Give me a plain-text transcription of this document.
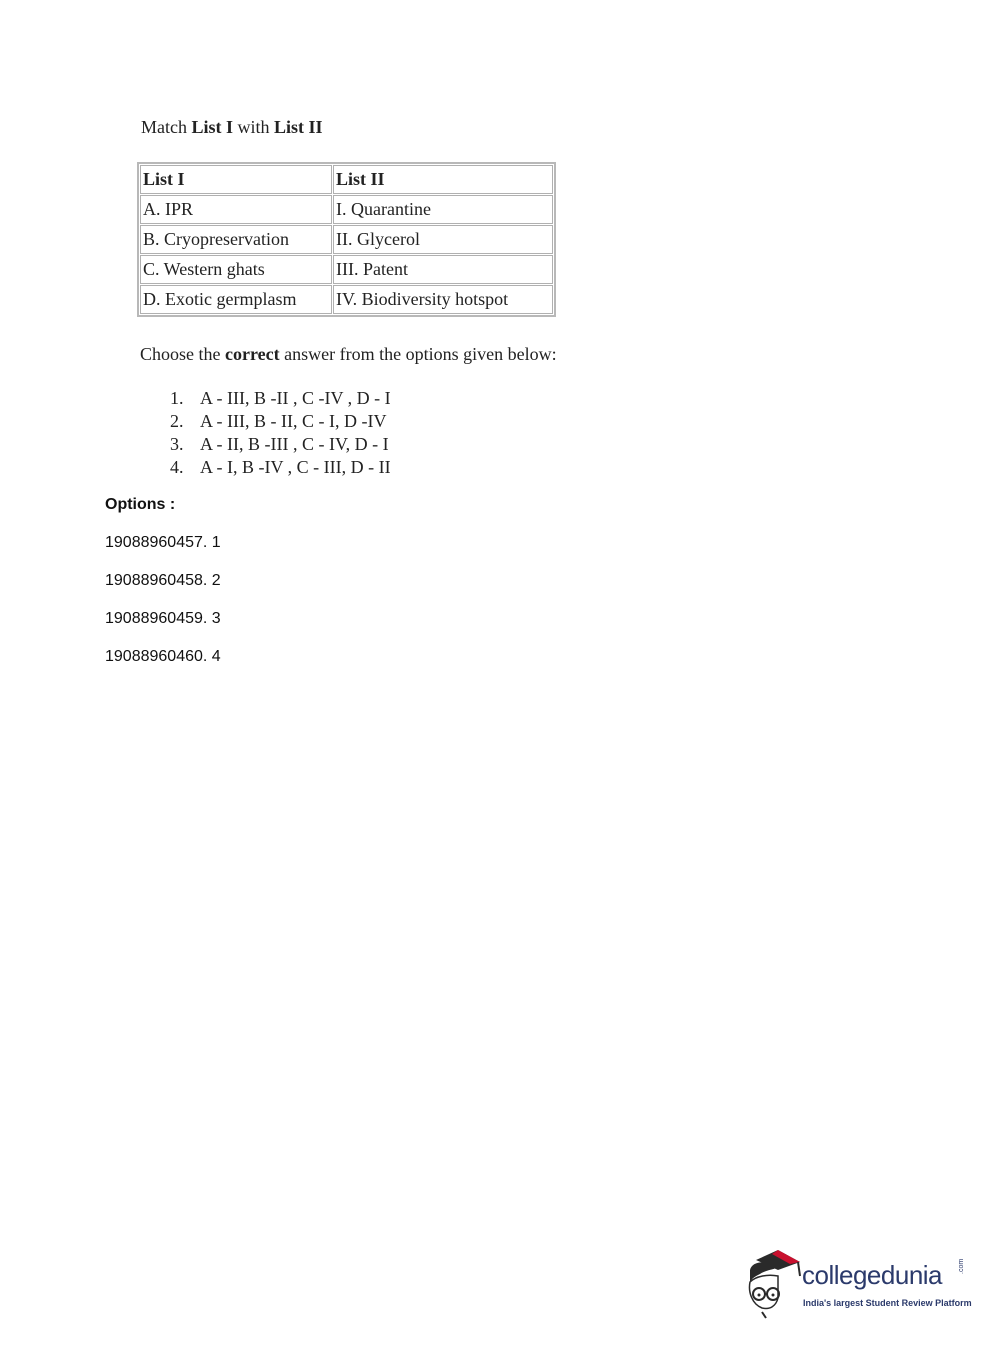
Match List I with List II
List I	List II
A. IPR	I. Quarantine
B. Cryopreservation	II. Glycerol
C. Western ghats	III. Patent
D. Exotic germplasm	IV. Biodiversity hotspot
Choose the correct answer from the options given below:
1. A - III, B -II , C -IV , D - I
2. A - III, B - II, C - I, D -IV
3. A - II, B -III , C - IV, D - I
4. A - I, B -IV , C - III, D - II
Options :
19088960457. 1
19088960458. 2
19088960459. 3
19088960460. 4
collegedunia .com
India's largest Student Review Platform
